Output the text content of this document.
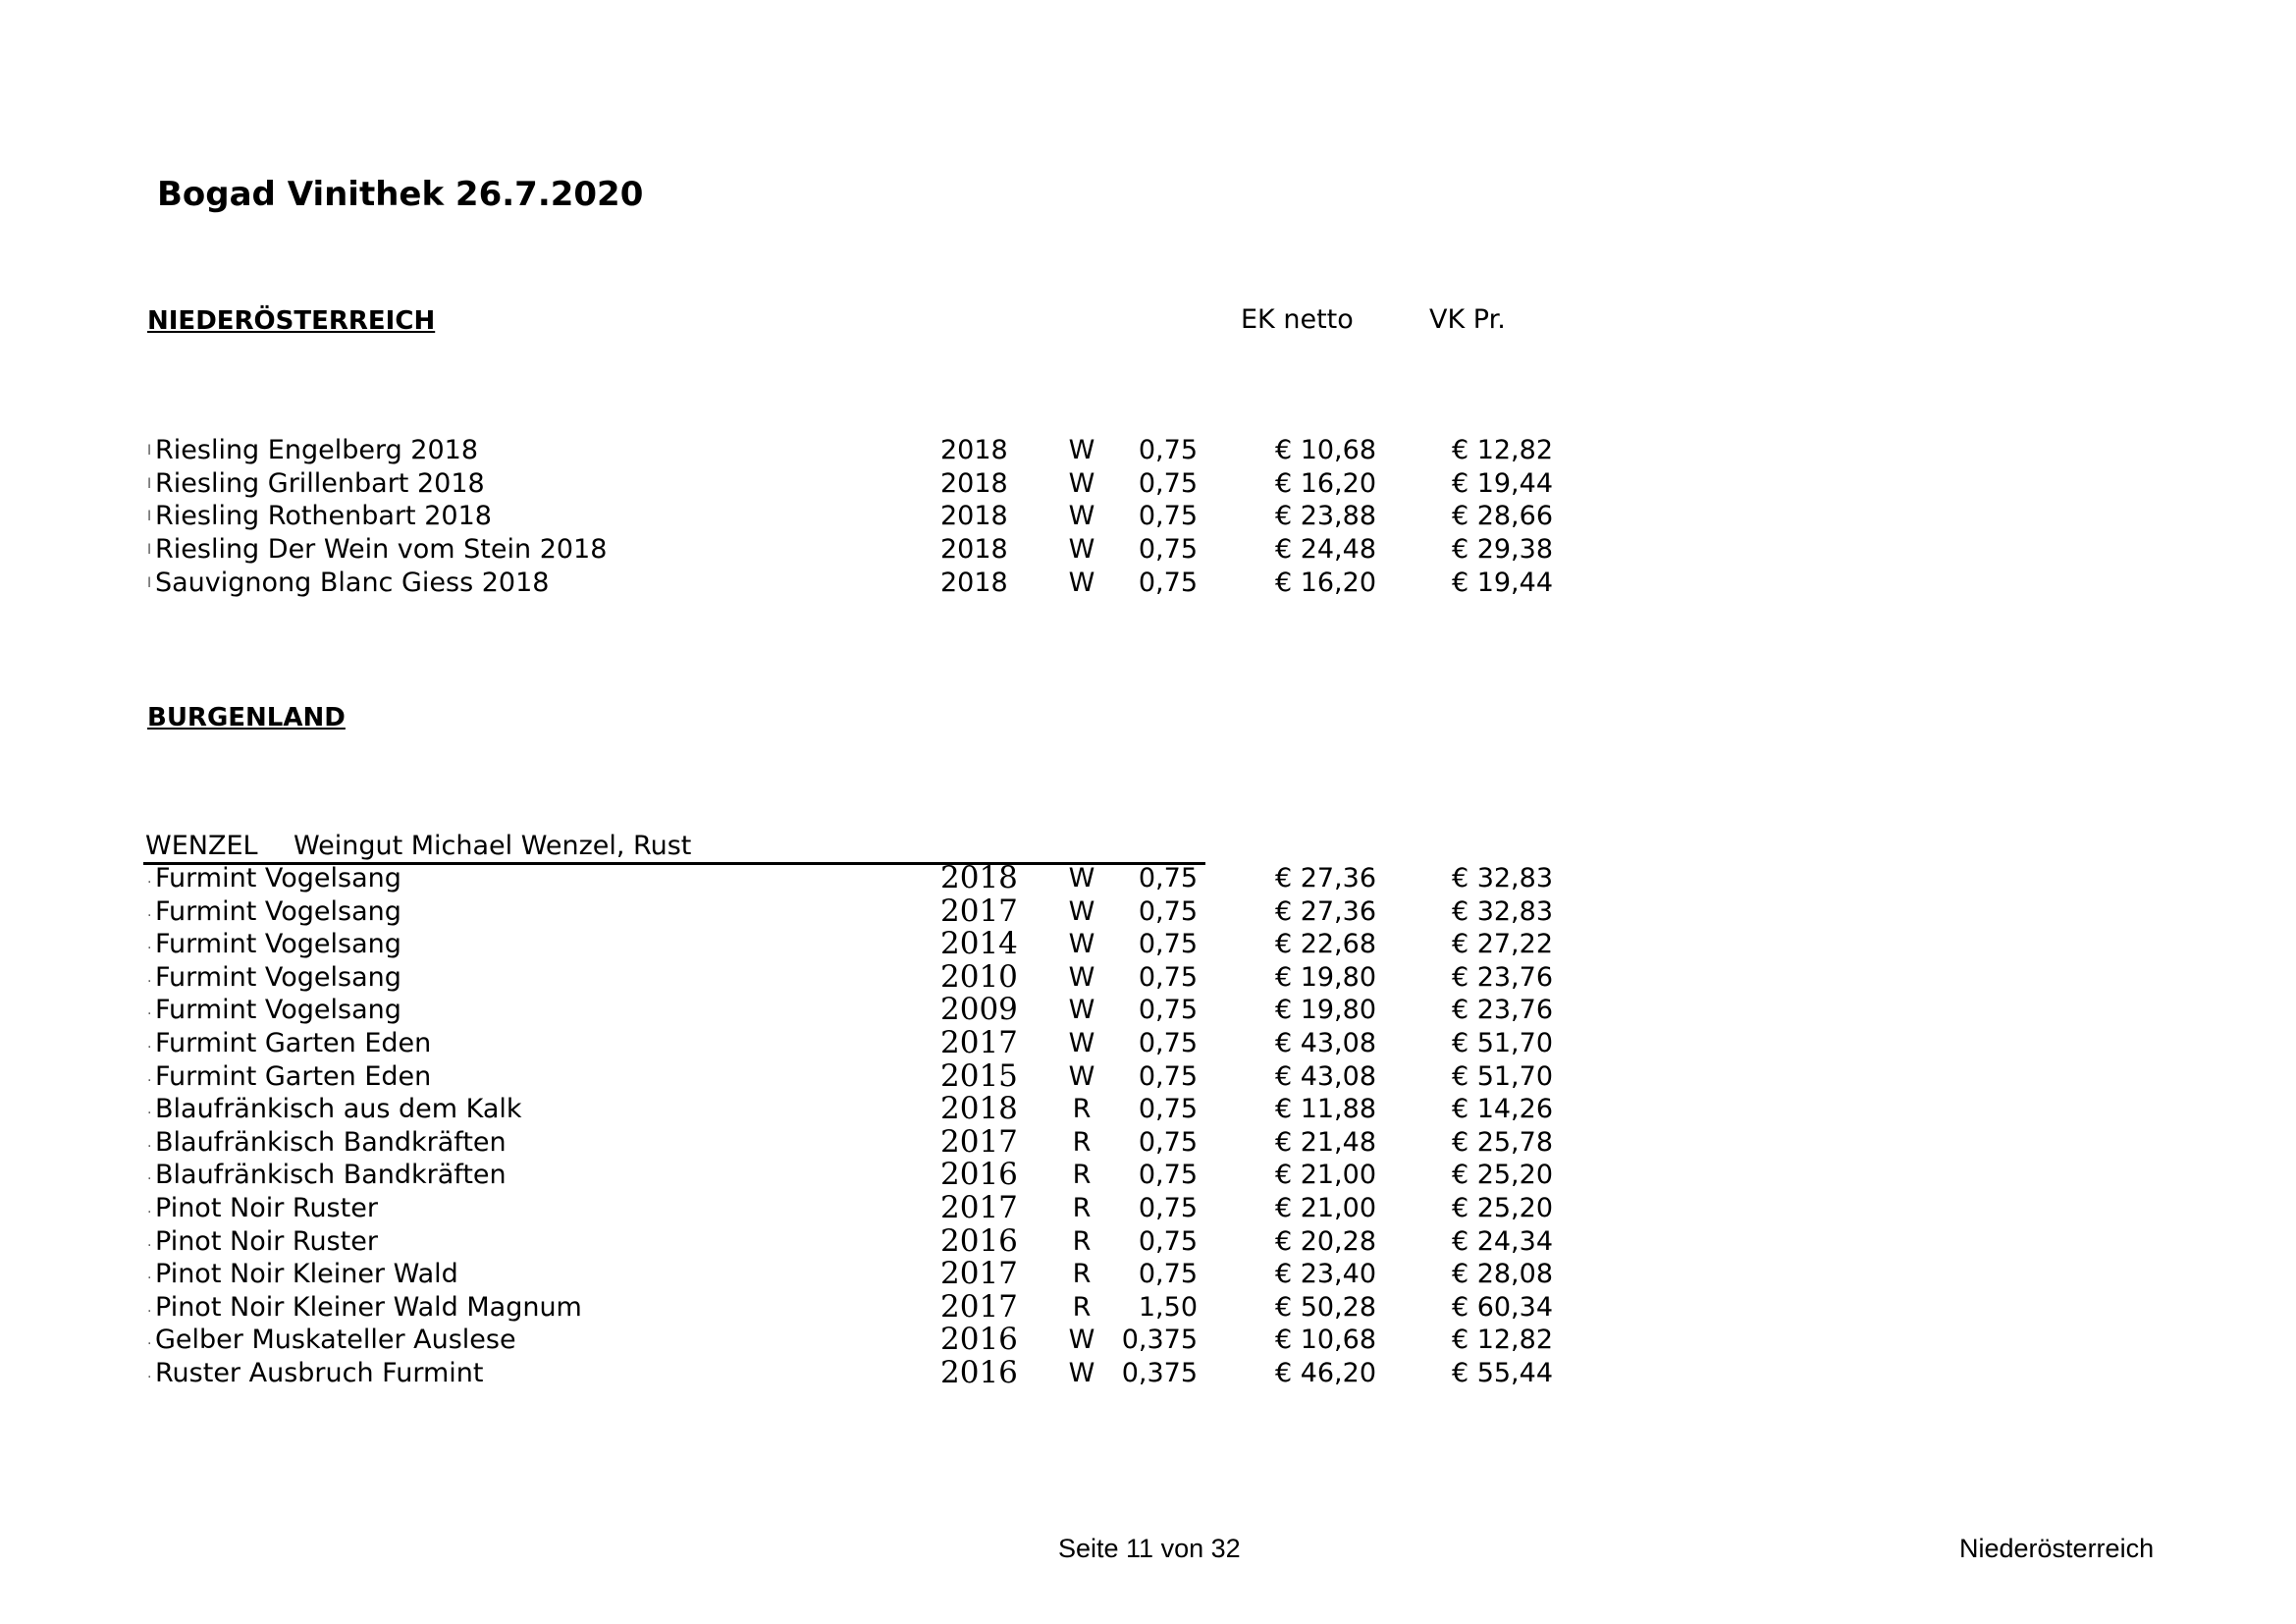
Bogad Vinithek 26.7.2020
NIEDERÖSTERREICH	EK netto	VK Pr.
I Riesling Engelberg 2018	2018 W	0,75	€ 10,68	€ 12,82
I Riesling Grillenbart 2018	2018 W	0,75	€ 16,20	€ 19,44
I Riesling Rothenbart 2018	2018 W	0,75	€ 23,88	€ 28,66
I Riesling Der Wein vom Stein 2018	2018 W	0,75	€ 24,48	€ 29,38
I Sauvignong Blanc Giess 2018	2018 W	0,75	€ 16,20	€ 19,44
BURGENLAND
WENZEL Weingut Michael Wenzel, Rust
. Furmint Vogelsang	2018 W	0,75	€ 27,36	€ 32,83
. Furmint Vogelsang	2017 W	0,75	€ 27,36	€ 32,83
. Furmint Vogelsang	2014 W	0,75	€ 22,68	€ 27,22
. Furmint Vogelsang	2010 W	0,75	€ 19,80	€ 23,76
. Furmint Vogelsang	2009 W	0,75	€ 19,80	€ 23,76
. Furmint Garten Eden	2017 W	0,75	€ 43,08	€ 51,70
. Furmint Garten Eden	2015 W	0,75	€ 43,08	€ 51,70
. Blaufränkisch aus dem Kalk	2018	R	0,75	€ 11,88	€ 14,26
. Blaufränkisch Bandkräften	2017	R	0,75	€ 21,48	€ 25,78
. Blaufränkisch Bandkräften	2016	R	0,75	€ 21,00	€ 25,20
. Pinot Noir Ruster	2017	R	0,75	€ 21,00	€ 25,20
. Pinot Noir Ruster	2016	R	0,75	€ 20,28	€ 24,34
. Pinot Noir Kleiner Wald	2017	R	0,75	€ 23,40	€ 28,08
. Pinot Noir Kleiner Wald Magnum	2017	R	1,50	€ 50,28	€ 60,34
. Gelber Muskateller Auslese	2016 W 0,375	€ 10,68	€ 12,82
. Ruster Ausbruch Furmint	2016 W 0,375	€ 46,20	€ 55,44
Seite 11 von 32	Niederösterreich
